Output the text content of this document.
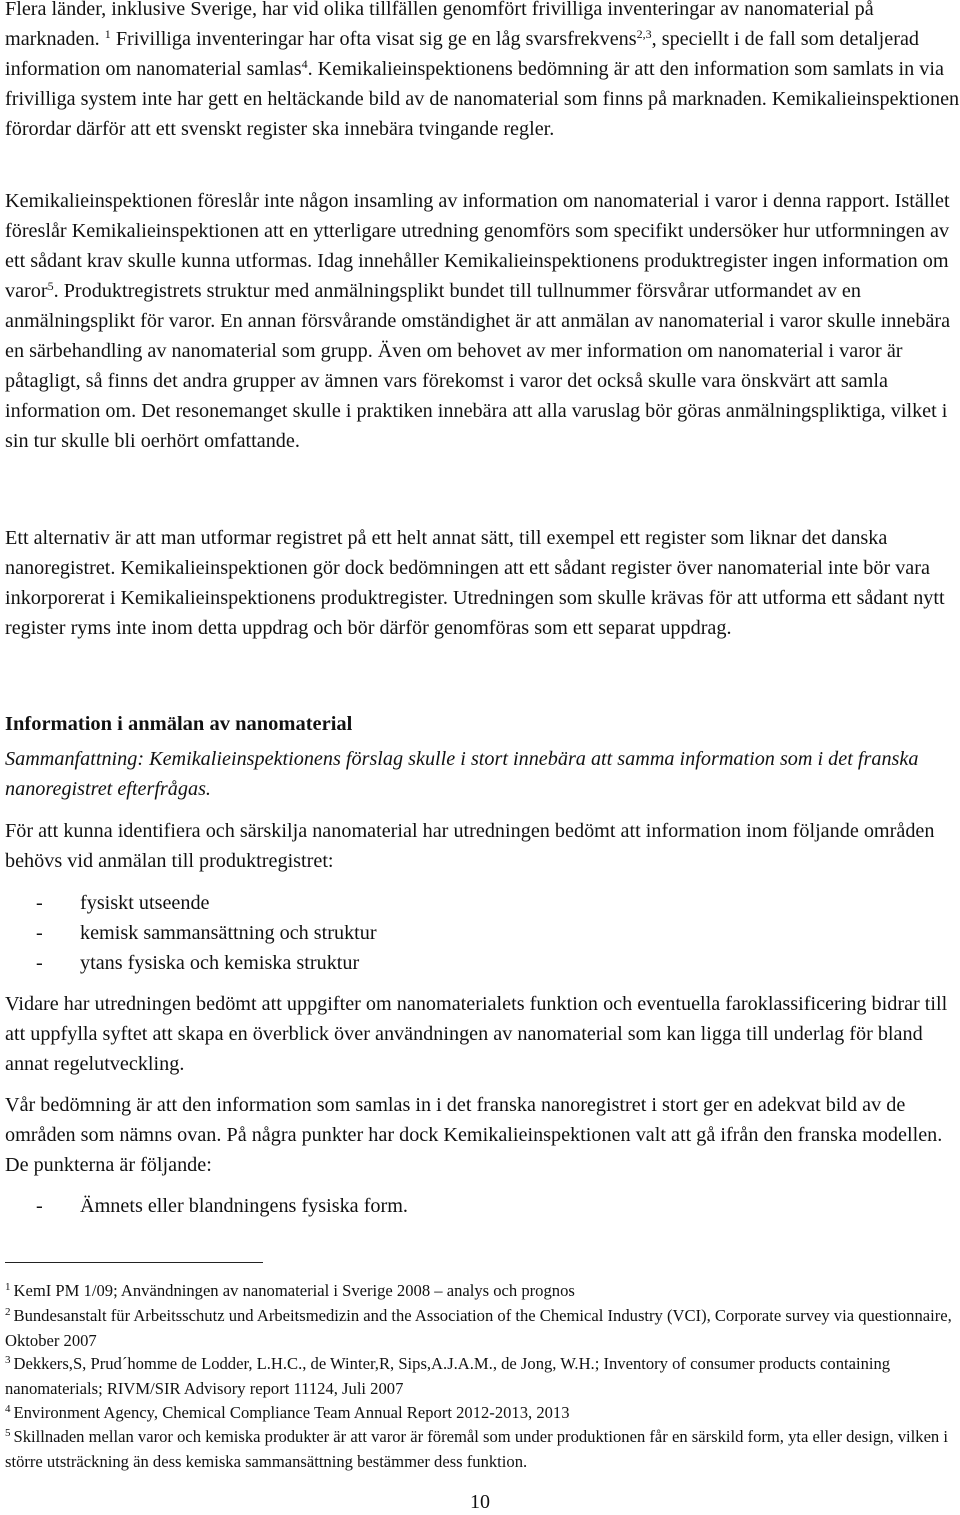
Flera länder, inklusive Sverige, har vid olika tillfällen genomfört frivilliga inventeringar av nanomaterial på marknaden. $^1$ Frivilliga inventeringar har ofta visat sig ge en låg svarsfrekvens$^{2,3}$, speciellt i de fall som detaljerad information om nanomaterial samlas$^4$. Kemikalieinspektionens bedömning är att den information som samlats in via frivilliga system inte har gett en heltäckande bild av de nanomaterial som finns på marknaden. Kemikalieinspektionen förordar därför att ett svenskt register ska innebära tvingande regler.

Kemikalieinspektionen föreslår inte någon insamling av information om nanomaterial i varor i denna rapport. Istället föreslår Kemikalieinspektionen att en ytterligare utredning genomförs som specifikt undersöker hur utformningen av ett sådant krav skulle kunna utformas. Idag innehåller Kemikalieinspektionens produktregister ingen information om varor$^5$. Produktregistrets struktur med anmälningsplikt bundet till tullnummer försvårar utformandet av en anmälningsplikt för varor. En annan försvårande omständighet är att anmälan av nanomaterial i varor skulle innebära en särbehandling av nanomaterial som grupp. Även om behovet av mer information om nanomaterial i varor är påtagligt, så finns det andra grupper av ämnen vars förekomst i varor det också skulle vara önskvärt att samla information om. Det resonemanget skulle i praktiken innebära att alla varuslag bör göras anmälningspliktiga, vilket i sin tur skulle bli oerhört omfattande.

Ett alternativ är att man utformar registret på ett helt annat sätt, till exempel ett register som liknar det danska nanoregistret. Kemikalieinspektionen gör dock bedömningen att ett sådant register över nanomaterial inte bör vara inkorporerat i Kemikalieinspektionens produktregister. Utredningen som skulle krävas för att utforma ett sådant nytt register ryms inte inom detta uppdrag och bör därför genomföras som ett separat uppdrag.

Information i anmälan av nanomaterial

Sammanfattning: Kemikalieinspektionens förslag skulle i stort innebära att samma information som i det franska nanoregistret efterfrågas.

För att kunna identifiera och särskilja nanomaterial har utredningen bedömt att information inom följande områden behövs vid anmälan till produktregistret:

- fysiskt utseende
- kemisk sammansättning och struktur
- ytans fysiska och kemiska struktur

Vidare har utredningen bedömt att uppgifter om nanomaterialets funktion och eventuella faroklassificering bidrar till att uppfylla syftet att skapa en överblick över användningen av nanomaterial som kan ligga till underlag för bland annat regelutveckling.

Vår bedömning är att den information som samlas in i det franska nanoregistret i stort ger en adekvat bild av de områden som nämns ovan. På några punkter har dock Kemikalieinspektionen valt att gå ifrån den franska modellen. De punkterna är följande:

- Ämnets eller blandningens fysiska form.

$^1$ KemI PM 1/09; Användningen av nanomaterial i Sverige 2008 – analys och prognos

$^2$ Bundesanstalt für Arbeitsschutz und Arbeitsmedizin and the Association of the Chemical Industry (VCI), Corporate survey via questionnaire, Oktober 2007

$^3$ Dekkers,S, Prud´homme de Lodder, L.H.C., de Winter,R, Sips,A.J.A.M., de Jong, W.H.; Inventory of consumer products containing nanomaterials; RIVM/SIR Advisory report 11124, Juli 2007

$^4$ Environment Agency, Chemical Compliance Team Annual Report 2012-2013, 2013

$^5$ Skillnaden mellan varor och kemiska produkter är att varor är föremål som under produktionen får en särskild form, yta eller design, vilken i större utsträckning än dess kemiska sammansättning bestämmer dess funktion.

10
